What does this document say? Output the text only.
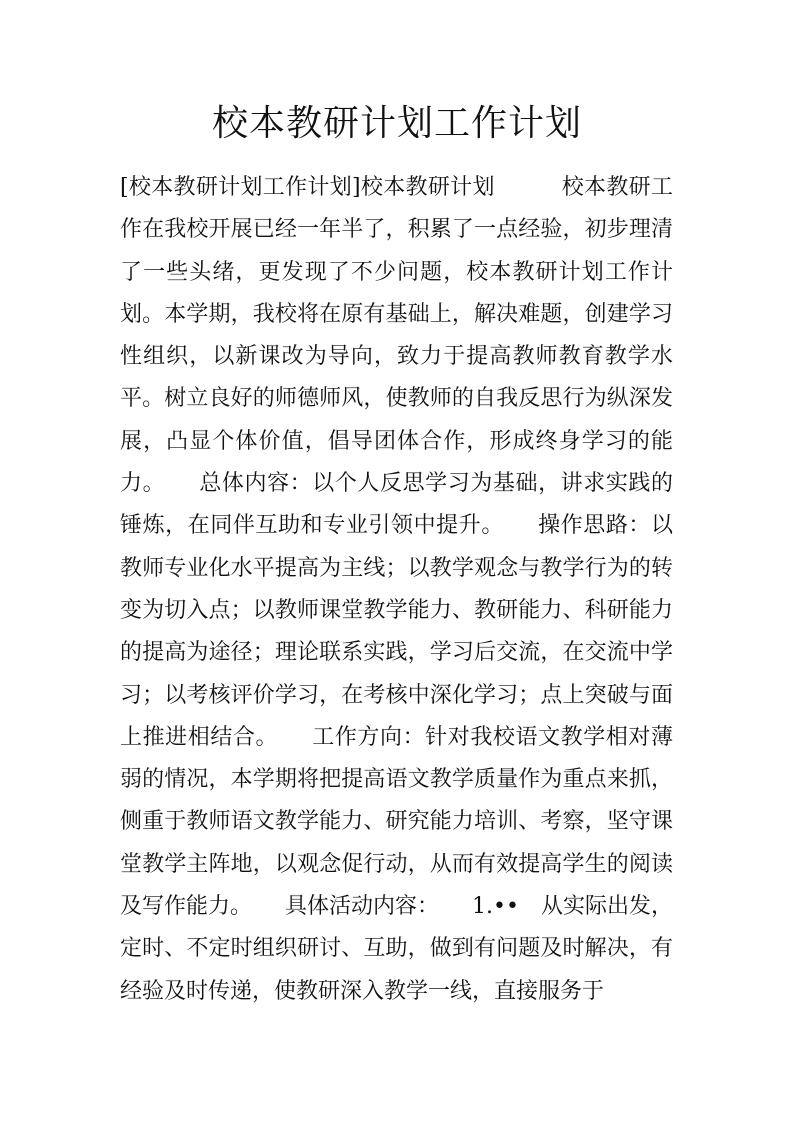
校本教研计划工作计划

[校本教研计划工作计划]校本教研计划　　　校本教研工作在我校开展已经一年半了，积累了一点经验，初步理清了一些头绪，更发现了不少问题，校本教研计划工作计划。本学期，我校将在原有基础上，解决难题，创建学习性组织，以新课改为导向，致力于提高教师教育教学水平。树立良好的师德师风，使教师的自我反思行为纵深发展，凸显个体价值，倡导团体合作，形成终身学习的能力。　　总体内容：以个人反思学习为基础，讲求实践的锤炼，在同伴互助和专业引领中提升。　　操作思路：以教师专业化水平提高为主线；以教学观念与教学行为的转变为切入点；以教师课堂教学能力、教研能力、科研能力的提高为途径；理论联系实践，学习后交流，在交流中学习；以考核评价学习，在考核中深化学习；点上突破与面上推进相结合。　　工作方向：针对我校语文教学相对薄弱的情况，本学期将把提高语文教学质量作为重点来抓，侧重于教师语文教学能力、研究能力培训、考察，坚守课堂教学主阵地，以观念促行动，从而有效提高学生的阅读及写作能力。　　具体活动内容：　　1.••　从实际出发，定时、不定时组织研讨、互助，做到有问题及时解决，有经验及时传递，使教研深入教学一线，直接服务于
